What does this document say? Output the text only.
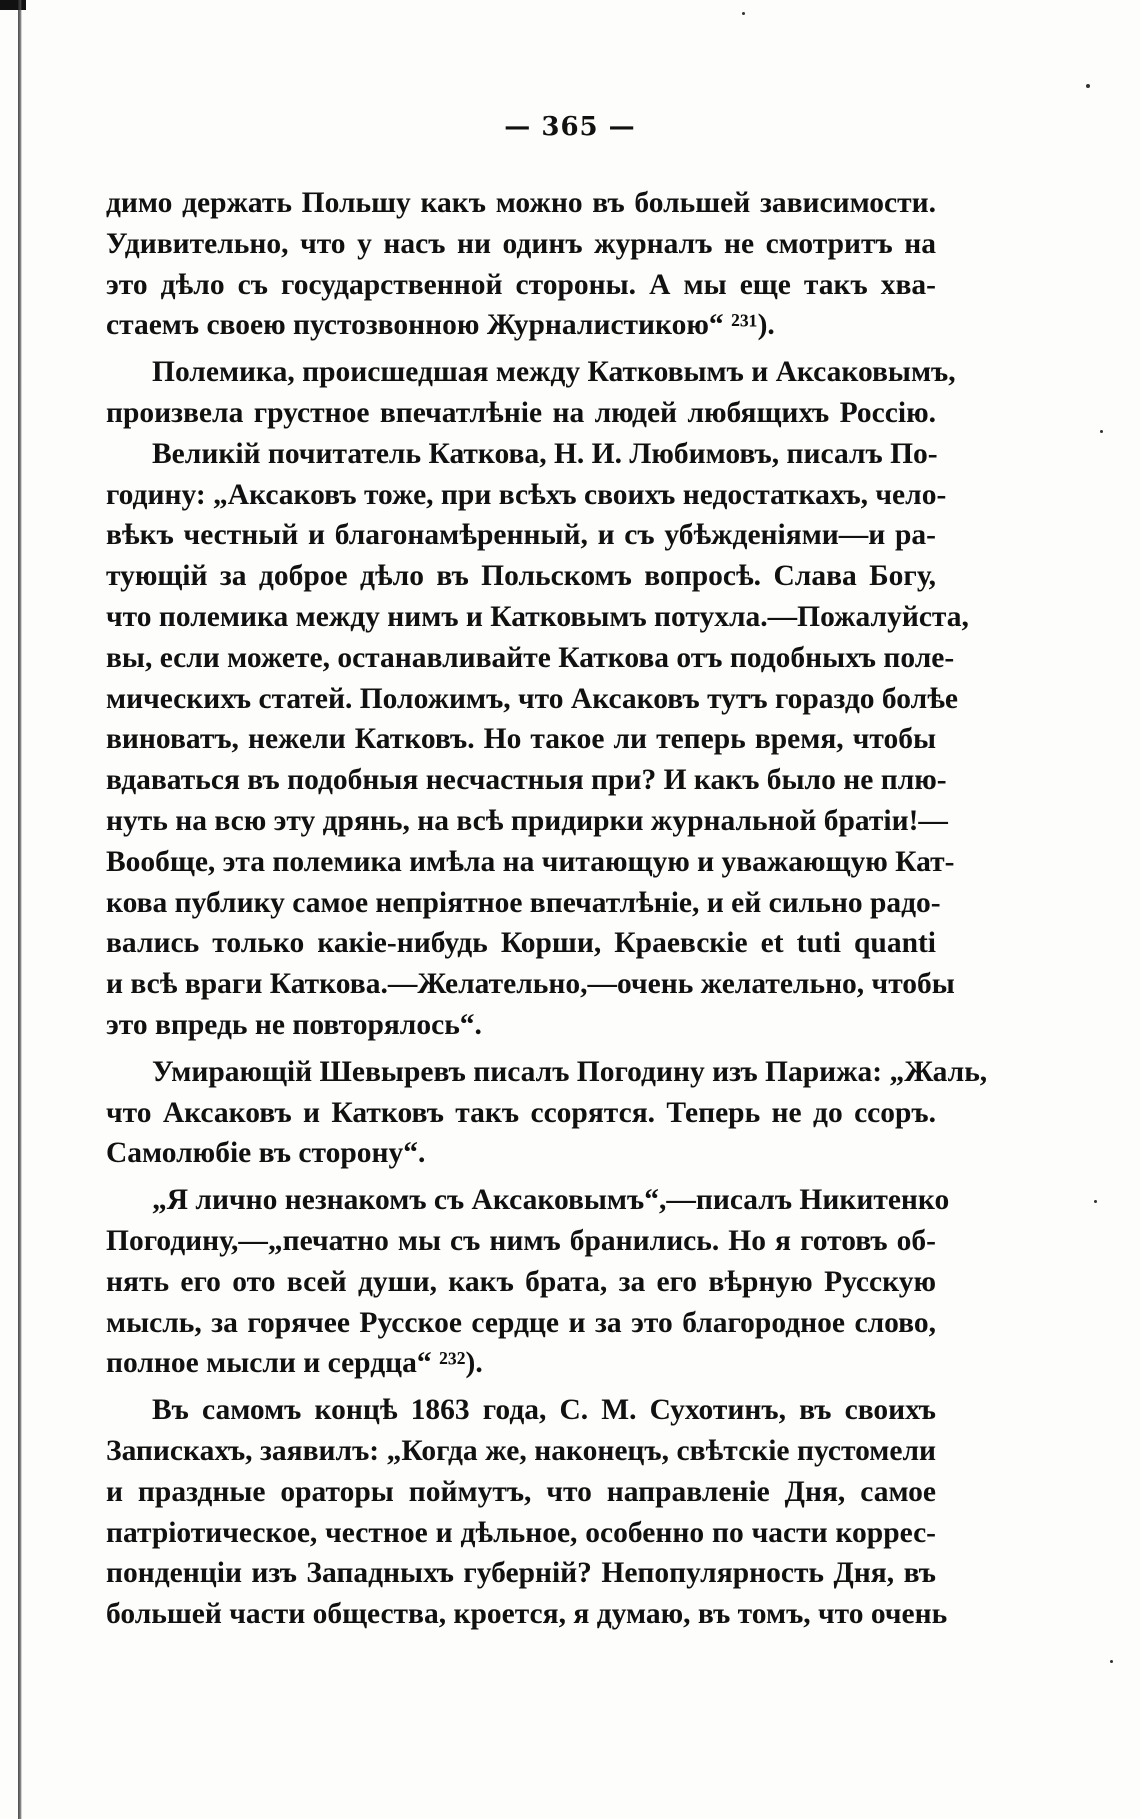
— 365 —
димо держать Польшу какъ можно въ большей зависимости.
Удивительно, что у насъ ни одинъ журналъ не смотритъ на
это дѣло съ государственной стороны. А мы еще такъ хва-
стаемъ своею пустозвонною Журналистикою“ ²³¹).
Полемика, происшедшая между Катковымъ и Аксаковымъ,
произвела грустное впечатлѣніе на людей любящихъ Россію.
Великій почитатель Каткова, Н. И. Любимовъ, писалъ По-
годину: „Аксаковъ тоже, при всѣхъ своихъ недостаткахъ, чело-
вѣкъ честный и благонамѣренный, и съ убѣжденіями—и ра-
тующій за доброе дѣло въ Польскомъ вопросѣ. Слава Богу,
что полемика между нимъ и Катковымъ потухла.—Пожалуйста,
вы, если можете, останавливайте Каткова отъ подобныхъ поле-
мическихъ статей. Положимъ, что Аксаковъ тутъ гораздо болѣе
виноватъ, нежели Катковъ. Но такое ли теперь время, чтобы
вдаваться въ подобныя несчастныя при? И какъ было не плю-
нуть на всю эту дрянь, на всѣ придирки журнальной братіи!—
Вообще, эта полемика имѣла на читающую и уважающую Кат-
кова публику самое непріятное впечатлѣніе, и ей сильно радо-
вались только какіе-нибудь Корши, Краевскіе et tuti quanti
и всѣ враги Каткова.—Желательно,—очень желательно, чтобы
это впредь не повторялось“.
Умирающій Шевыревъ писалъ Погодину изъ Парижа: „Жаль,
что Аксаковъ и Катковъ такъ ссорятся. Теперь не до ссоръ.
Самолюбіе въ сторону“.
„Я лично незнакомъ съ Аксаковымъ“,—писалъ Никитенко
Погодину,—„печатно мы съ нимъ бранились. Но я готовъ об-
нять его ото всей души, какъ брата, за его вѣрную Русскую
мысль, за горячее Русское сердце и за это благородное слово,
полное мысли и сердца“ ²³²).
Въ самомъ концѣ 1863 года, С. М. Сухотинъ, въ своихъ
Запискахъ, заявилъ: „Когда же, наконецъ, свѣтскіе пустомели
и праздные ораторы поймутъ, что направленіе Дня, самое
патріотическое, честное и дѣльное, особенно по части коррес-
понденціи изъ Западныхъ губерній? Непопулярность Дня, въ
большей части общества, кроется, я думаю, въ томъ, что очень
